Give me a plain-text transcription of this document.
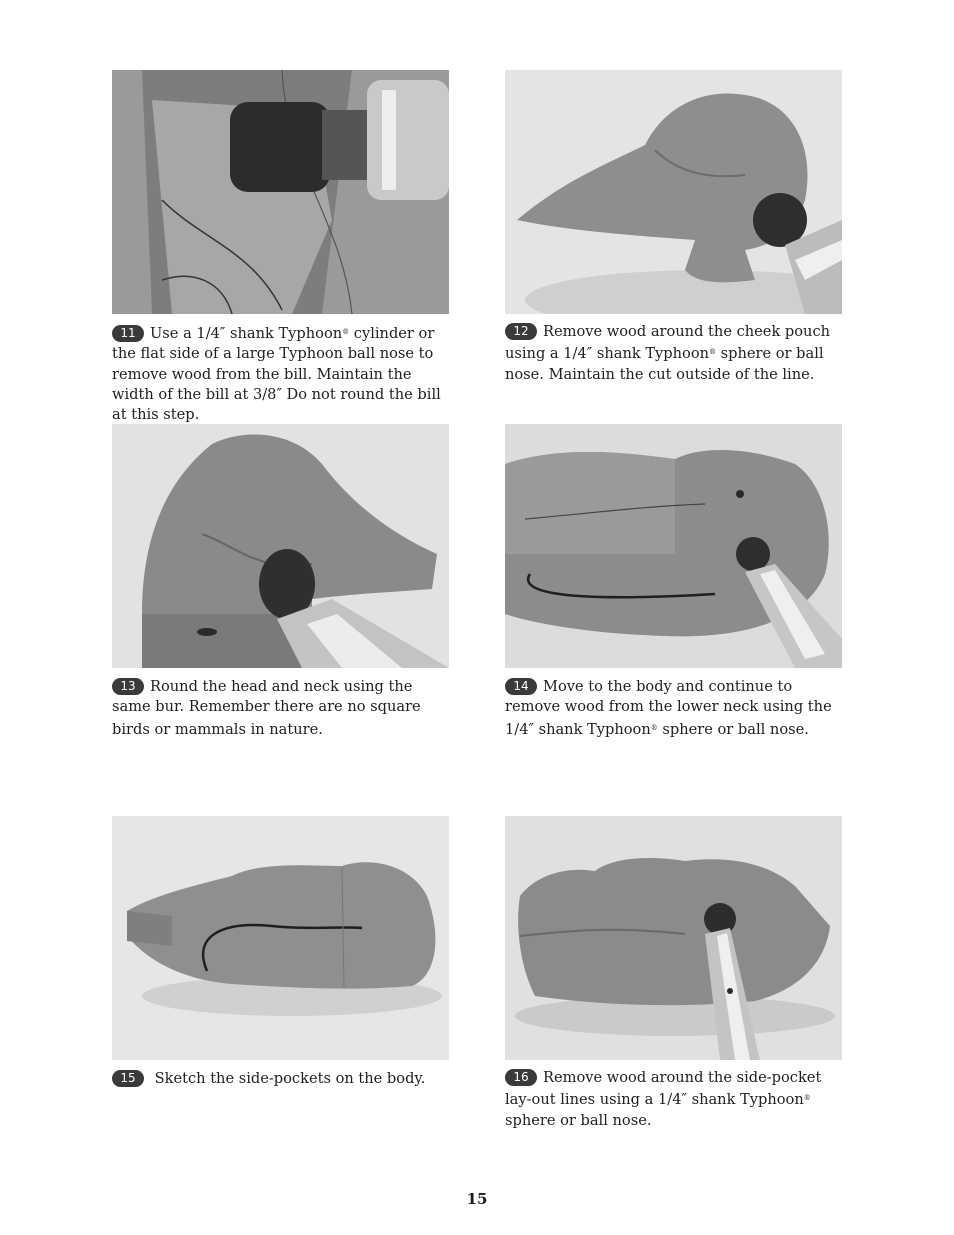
11 Use a 1/4″ shank Typhoon® cylinder or the flat side of a large Typhoon ball nose to remove wood from the bill. Maintain the width of the bill at 3/8″ Do not round the bill at this step.
12 Remove wood around the cheek pouch using a 1/4″ shank Typhoon® sphere or ball nose. Maintain the cut outside of the line.
13 Round the head and neck using the same bur. Remember there are no square birds or mammals in nature.
14 Move to the body and continue to remove wood from the lower neck using the 1/4″ shank Typhoon® sphere or ball nose.
15 Sketch the side-pockets on the body.	16 Remove wood around the side-pocket lay-out lines using a 1/4″ shank Typhoon® sphere or ball nose.
15
